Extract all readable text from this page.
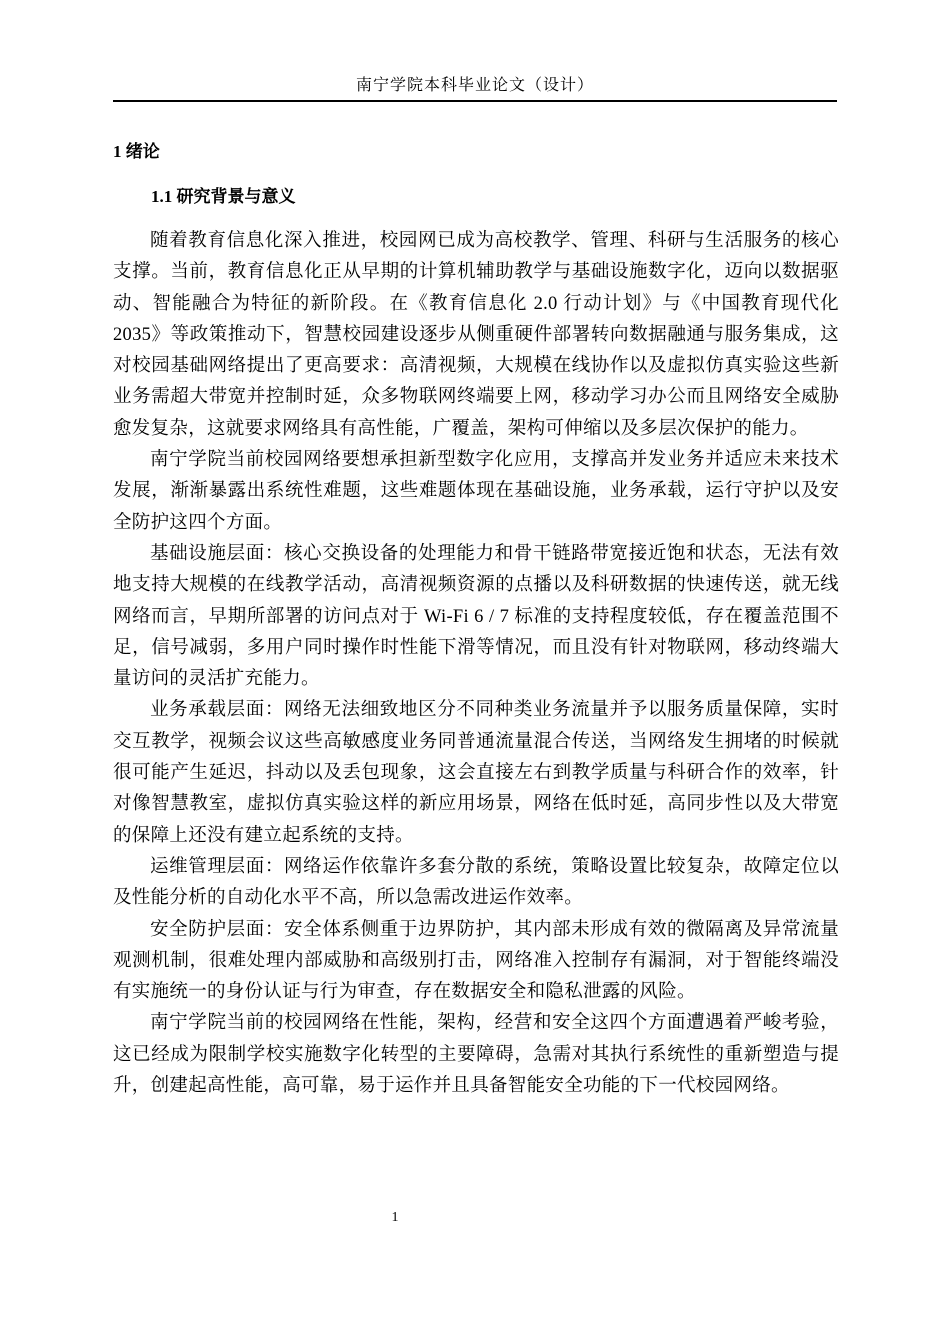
南宁学院本科毕业论文（设计）
1 绪论
1.1 研究背景与意义

随着教育信息化深入推进，校园网已成为高校教学、管理、科研与生活服务的核心支撑。当前，教育信息化正从早期的计算机辅助教学与基础设施数字化，迈向以数据驱动、智能融合为特征的新阶段。在《教育信息化 2.0 行动计划》与《中国教育现代化 2035》等政策推动下，智慧校园建设逐步从侧重硬件部署转向数据融通与服务集成，这对校园基础网络提出了更高要求：高清视频，大规模在线协作以及虚拟仿真实验这些新业务需超大带宽并控制时延，众多物联网终端要上网，移动学习办公而且网络安全威胁愈发复杂，这就要求网络具有高性能，广覆盖，架构可伸缩以及多层次保护的能力。

南宁学院当前校园网络要想承担新型数字化应用，支撑高并发业务并适应未来技术发展，渐渐暴露出系统性难题，这些难题体现在基础设施，业务承载，运行守护以及安全防护这四个方面。

基础设施层面：核心交换设备的处理能力和骨干链路带宽接近饱和状态，无法有效地支持大规模的在线教学活动，高清视频资源的点播以及科研数据的快速传送，就无线网络而言，早期所部署的访问点对于 Wi-Fi 6 / 7 标准的支持程度较低，存在覆盖范围不足，信号减弱，多用户同时操作时性能下滑等情况，而且没有针对物联网，移动终端大量访问的灵活扩充能力。

业务承载层面：网络无法细致地区分不同种类业务流量并予以服务质量保障，实时交互教学，视频会议这些高敏感度业务同普通流量混合传送，当网络发生拥堵的时候就很可能产生延迟，抖动以及丢包现象，这会直接左右到教学质量与科研合作的效率，针对像智慧教室，虚拟仿真实验这样的新应用场景，网络在低时延，高同步性以及大带宽的保障上还没有建立起系统的支持。

运维管理层面：网络运作依靠许多套分散的系统，策略设置比较复杂，故障定位以及性能分析的自动化水平不高，所以急需改进运作效率。

安全防护层面：安全体系侧重于边界防护，其内部未形成有效的微隔离及异常流量观测机制，很难处理内部威胁和高级别打击，网络准入控制存有漏洞，对于智能终端没有实施统一的身份认证与行为审查，存在数据安全和隐私泄露的风险。

南宁学院当前的校园网络在性能，架构，经营和安全这四个方面遭遇着严峻考验，这已经成为限制学校实施数字化转型的主要障碍，急需对其执行系统性的重新塑造与提升，创建起高性能，高可靠，易于运作并且具备智能安全功能的下一代校园网络。

1
